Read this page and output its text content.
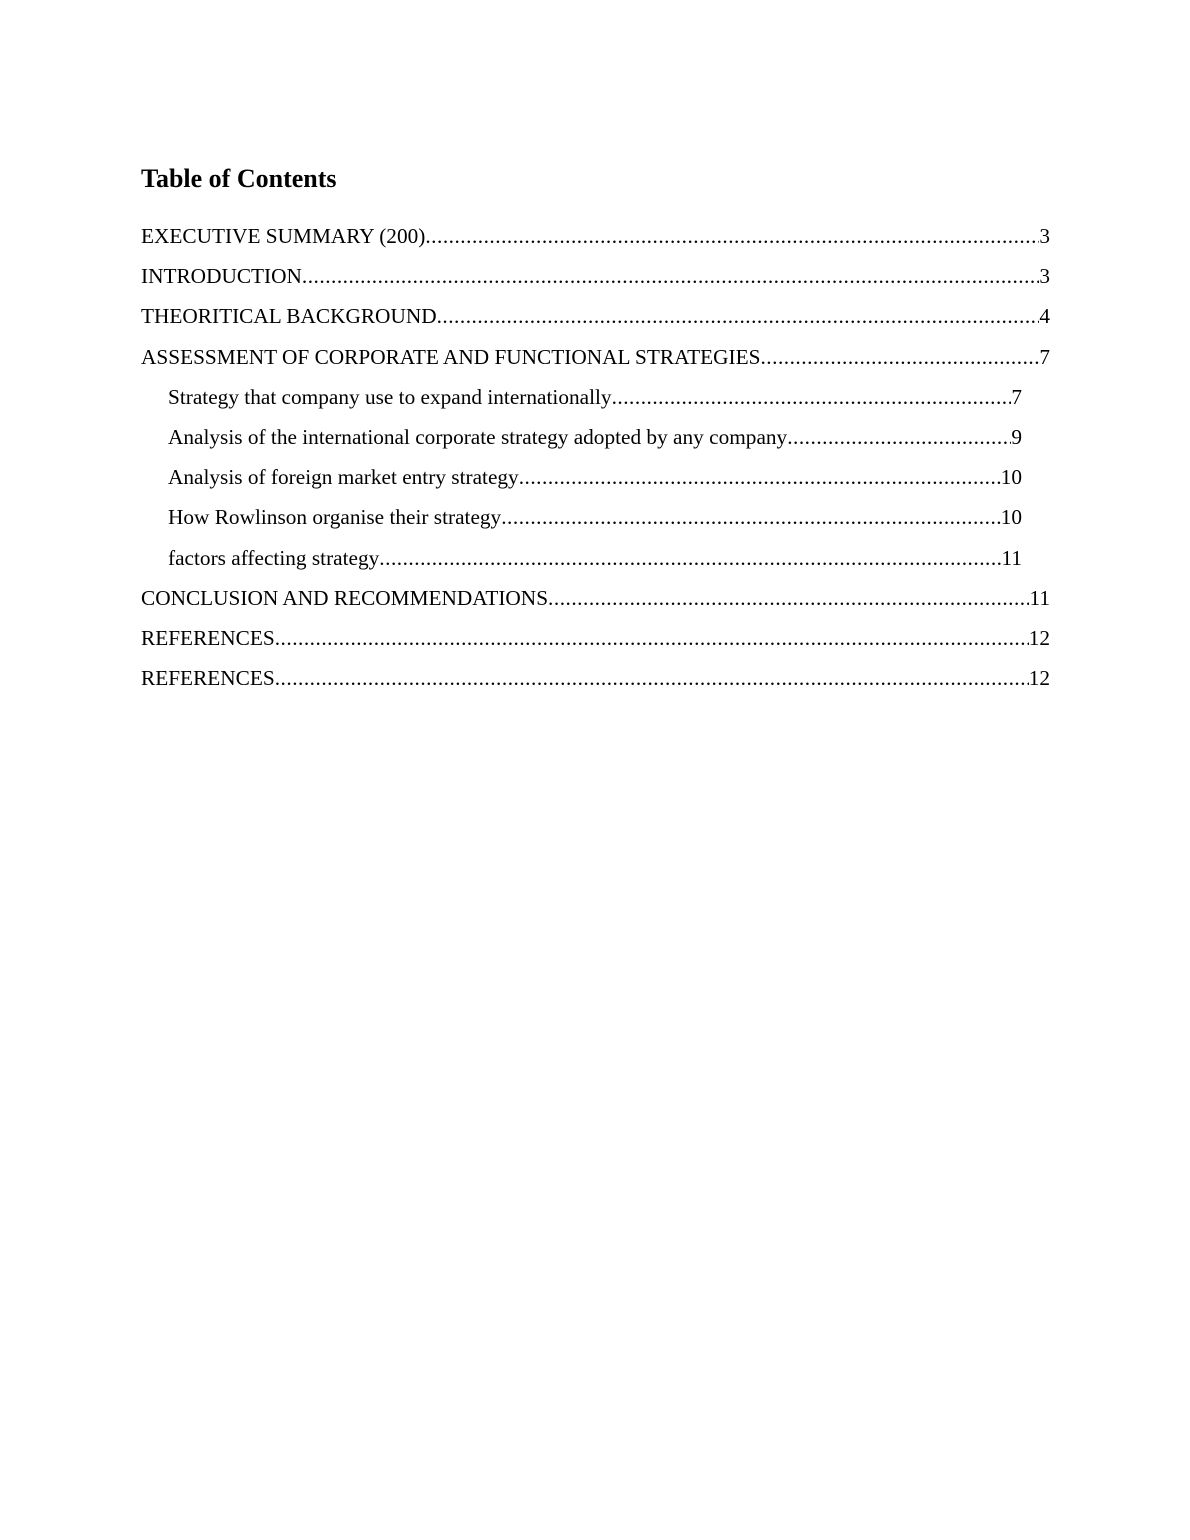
Table of Contents
EXECUTIVE SUMMARY (200) .....	3
INTRODUCTION .....	3
THEORITICAL BACKGROUND .....	4
ASSESSMENT OF CORPORATE AND FUNCTIONAL STRATEGIES .....	7
Strategy that company use to expand internationally .....	7
Analysis of the international corporate strategy adopted by any company .....	9
Analysis of foreign market entry strategy .....	10
How Rowlinson organise their strategy .....	10
factors affecting strategy .....	11
CONCLUSION AND RECOMMENDATIONS .....	11
REFERENCES .....	12
REFERENCES .....	12
